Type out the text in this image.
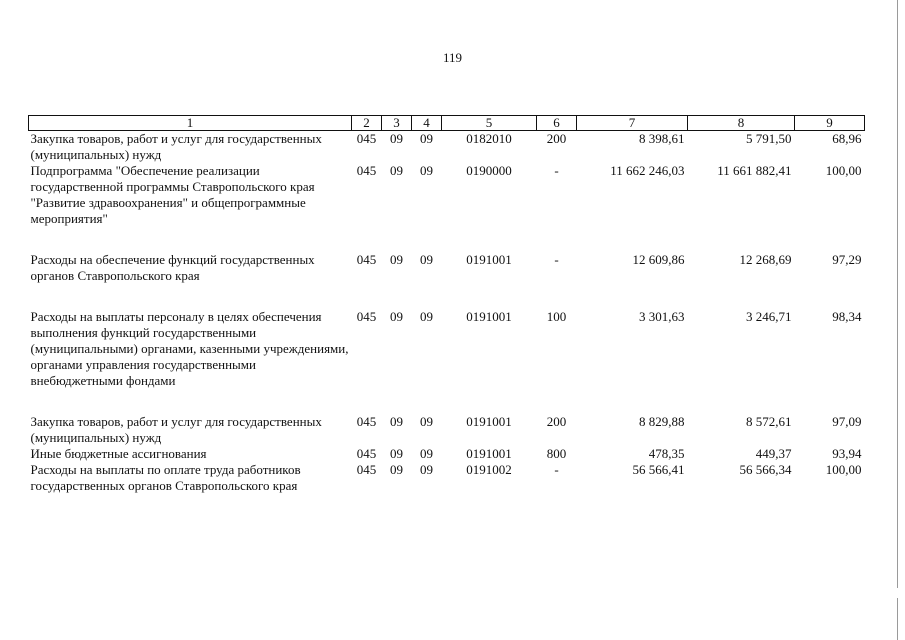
119
1	2	3	4	5	6	7	8	9
Закупка товаров, работ и услуг для государственных (муниципальных) нужд	045	09	09	0182010	200	8 398,61	5 791,50	68,96
Подпрограмма "Обеспечение реализации государственной программы Ставропольского края "Развитие здравоохранения" и общепрограммные мероприятия"	045	09	09	0190000	-	11 662 246,03	11 661 882,41	100,00
Расходы на обеспечение функций государственных органов Ставропольского края	045	09	09	0191001	-	12 609,86	12 268,69	97,29
Расходы на выплаты персоналу в целях обеспечения выполнения функций государственными (муниципальными) органами, казенными учреждениями, органами управления государственными внебюджетными фондами	045	09	09	0191001	100	3 301,63	3 246,71	98,34
Закупка товаров, работ и услуг для государственных (муниципальных) нужд	045	09	09	0191001	200	8 829,88	8 572,61	97,09
Иные бюджетные ассигнования	045	09	09	0191001	800	478,35	449,37	93,94
Расходы на выплаты по оплате труда работников государственных органов Ставропольского края	045	09	09	0191002	-	56 566,41	56 566,34	100,00
